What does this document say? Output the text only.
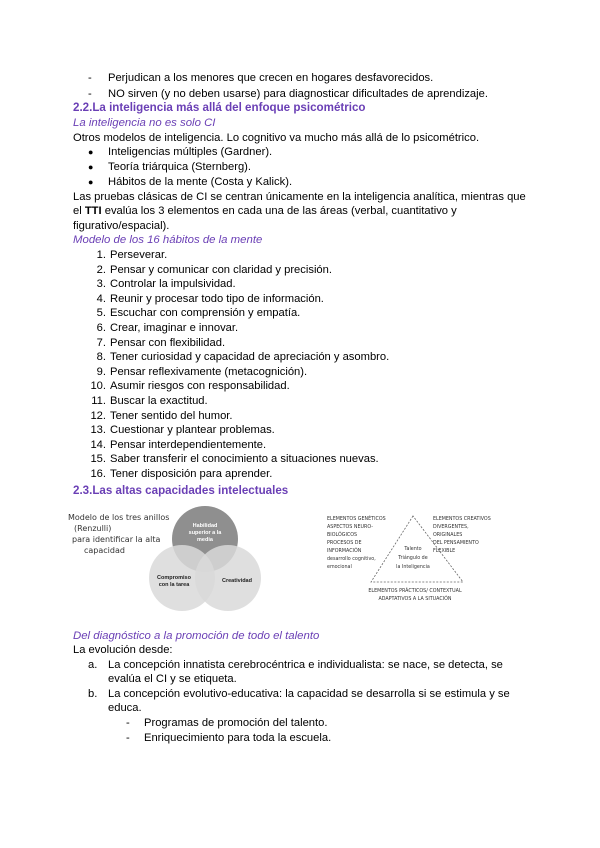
- Perjudican a los menores que crecen en hogares desfavorecidos.
- NO sirven (y no deben usarse) para diagnosticar dificultades de aprendizaje.
2.2.La inteligencia más allá del enfoque psicométrico
La inteligencia no es solo CI
Otros modelos de inteligencia. Lo cognitivo va mucho más allá de lo psicométrico.
● Inteligencias múltiples (Gardner).
● Teoría triárquica (Sternberg).
● Hábitos de la mente (Costa y Kalick).
Las pruebas clásicas de CI se centran únicamente en la inteligencia analítica, mientras que
el TTI evalúa los 3 elementos en cada una de las áreas (verbal, cuantitativo y
figurativo/espacial).
Modelo de los 16 hábitos de la mente
1. Perseverar.
2. Pensar y comunicar con claridad y precisión.
3. Controlar la impulsividad.
4. Reunir y procesar todo tipo de información.
5. Escuchar con comprensión y empatía.
6. Crear, imaginar e innovar.
7. Pensar con flexibilidad.
8. Tener curiosidad y capacidad de apreciación y asombro.
9. Pensar reflexivamente (metacognición).
10. Asumir riesgos con responsabilidad.
11. Buscar la exactitud.
12. Tener sentido del humor.
13. Cuestionar y plantear problemas.
14. Pensar interdependientemente.
15. Saber transferir el conocimiento a situaciones nuevas.
16. Tener disposición para aprender.
2.3.Las altas capacidades intelectuales
Modelo de los tres anillos
(Renzulli)
para identificar la alta
capacidad
Habilidad
superior a la
media
Compromiso
con la tarea
Creatividad
ELEMENTOS GENÉTICOS
ASPECTOS NEURO-
BIOLÓGICOS
PROCESOS DE
INFORMACIÓN
desarrollo cognitivo,
emocional
ELEMENTOS CREATIVOS
DIVERGENTES,
ORIGINALES
DEL PENSAMIENTO
FLEXIBLE
Talento
Triángulo de
la Inteligencia
ELEMENTOS PRÁCTICOS/ CONTEXTUAL
ADAPTATIVOS A LA SITUACIÓN
Del diagnóstico a la promoción de todo el talento
La evolución desde:
a. La concepción innatista cerebrocéntrica e individualista: se nace, se detecta, se
evalúa el CI y se etiqueta.
b. La concepción evolutivo-educativa: la capacidad se desarrolla si se estimula y se
educa.
- Programas de promoción del talento.
- Enriquecimiento para toda la escuela.
